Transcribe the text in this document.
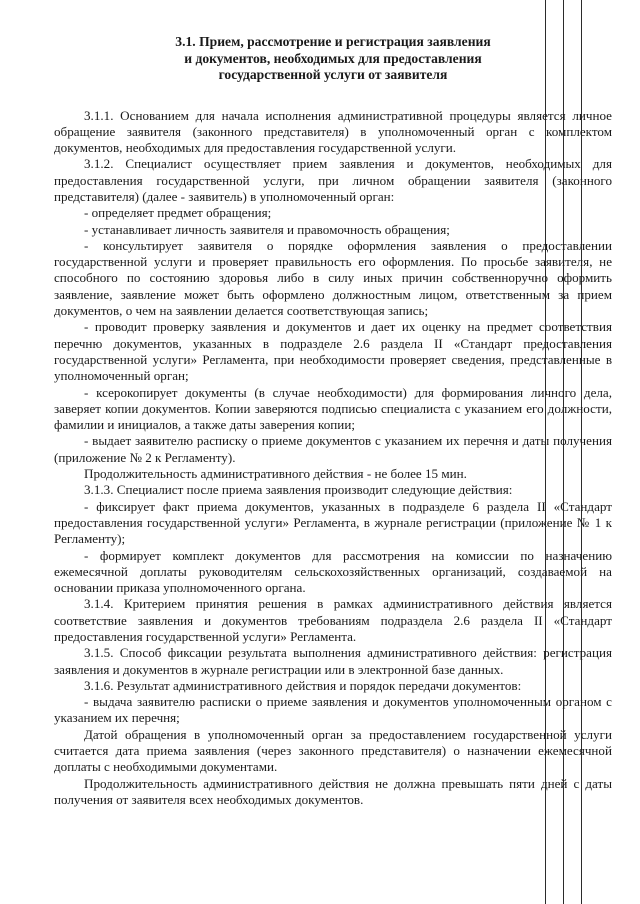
3.1. Прием, рассмотрение и регистрация заявления
и документов, необходимых для предоставления
государственной услуги от заявителя

3.1.1. Основанием для начала исполнения административной процедуры является личное обращение заявителя (законного представителя) в уполномоченный орган с комплектом документов, необходимых для предоставления государственной услуги.

3.1.2. Специалист осуществляет прием заявления и документов, необходимых для предоставления государственной услуги, при личном обращении заявителя (законного представителя) (далее - заявитель) в уполномоченный орган:

- определяет предмет обращения;

- устанавливает личность заявителя и правомочность обращения;

- консультирует заявителя о порядке оформления заявления о предоставлении государственной услуги и проверяет правильность его оформления. По просьбе заявителя, не способного по состоянию здоровья либо в силу иных причин собственноручно оформить заявление, заявление может быть оформлено должностным лицом, ответственным за прием документов, о чем на заявлении делается соответствующая запись;

- проводит проверку заявления и документов и дает их оценку на предмет соответствия перечню документов, указанных в подразделе 2.6 раздела II «Стандарт предоставления государственной услуги» Регламента, при необходимости проверяет сведения, представленные в уполномоченный орган;

- ксерокопирует документы (в случае необходимости) для формирования личного дела, заверяет копии документов. Копии заверяются подписью специалиста с указанием его должности, фамилии и инициалов, а также даты заверения копии;

- выдает заявителю расписку о приеме документов с указанием их перечня и даты получения (приложение № 2 к Регламенту).

Продолжительность административного действия - не более 15 мин.

3.1.3. Специалист после приема заявления производит следующие действия:

- фиксирует факт приема документов, указанных в подразделе 6 раздела II «Стандарт предоставления государственной услуги» Регламента, в журнале регистрации (приложение № 1 к Регламенту);

- формирует комплект документов для рассмотрения на комиссии по назначению ежемесячной доплаты руководителям сельскохозяйственных организаций, создаваемой на основании приказа уполномоченного органа.

3.1.4. Критерием принятия решения в рамках административного действия является соответствие заявления и документов требованиям подраздела 2.6 раздела II «Стандарт предоставления государственной услуги» Регламента.

3.1.5. Способ фиксации результата выполнения административного действия: регистрация заявления и документов в журнале регистрации или в электронной базе данных.

3.1.6. Результат административного действия и порядок передачи документов:

- выдача заявителю расписки о приеме заявления и документов уполномоченным органом с указанием их перечня;

Датой обращения в уполномоченный орган за предоставлением государственной услуги считается дата приема заявления (через законного представителя) о назначении ежемесячной доплаты с необходимыми документами.

Продолжительность административного действия не должна превышать пяти дней с даты получения от заявителя всех необходимых документов.
